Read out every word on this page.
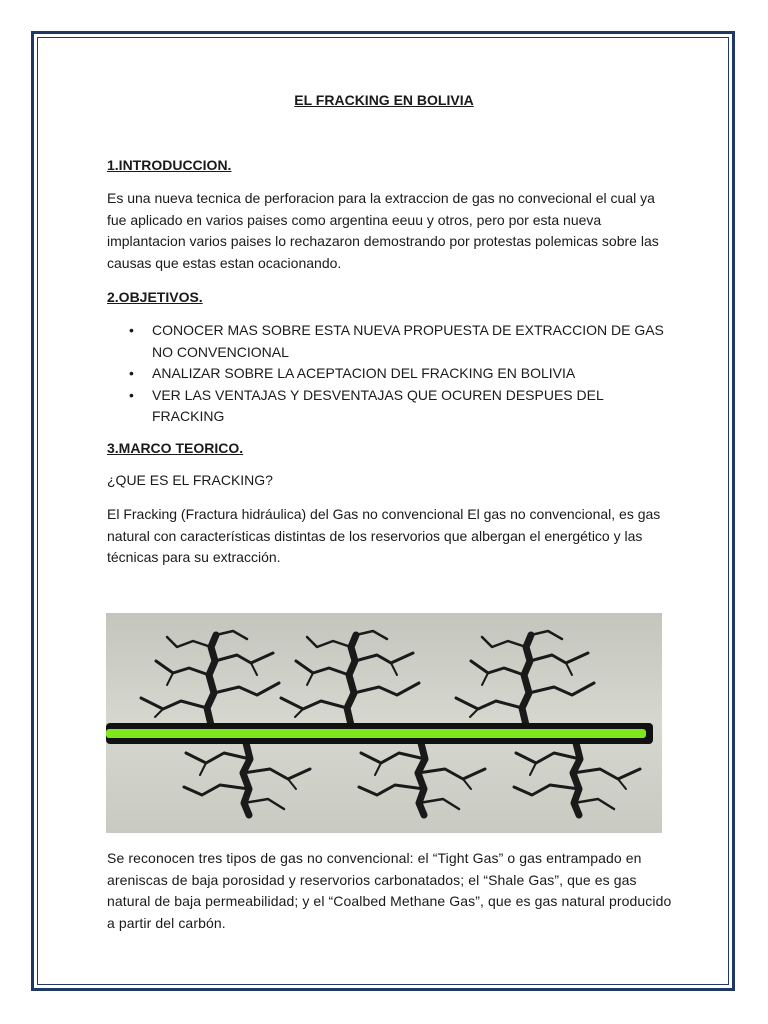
EL FRACKING EN BOLIVIA
1.INTRODUCCION.

Es una nueva tecnica de perforacion para la extraccion de gas no convecional el cual ya fue aplicado en varios paises como argentina eeuu y otros, pero por esta nueva implantacion varios paises lo rechazaron demostrando por protestas polemicas sobre las causas que estas estan ocacionando.

2.OBJETIVOS.
• CONOCER MAS SOBRE ESTA NUEVA PROPUESTA DE EXTRACCION DE GAS NO CONVENCIONAL
• ANALIZAR SOBRE LA ACEPTACION DEL FRACKING EN BOLIVIA
• VER LAS VENTAJAS Y DESVENTAJAS QUE OCUREN DESPUES DEL FRACKING
3.MARCO TEORICO.

¿QUE ES EL FRACKING?

El Fracking (Fractura hidráulica) del Gas no convencional El gas no convencional, es gas natural con características distintas de los reservorios que albergan el energético y las técnicas para su extracción.

Se reconocen tres tipos de gas no convencional: el “Tight Gas” o gas entrampado en areniscas de baja porosidad y reservorios carbonatados; el “Shale Gas”, que es gas natural de baja permeabilidad; y el “Coalbed Methane Gas”, que es gas natural producido a partir del carbón.
